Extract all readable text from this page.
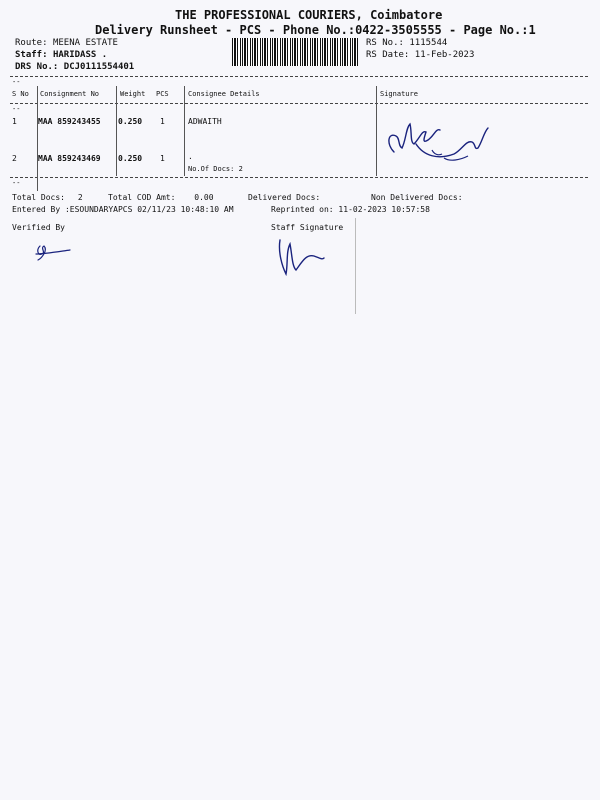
THE PROFESSIONAL COURIERS, Coimbatore
Delivery Runsheet - PCS - Phone No.:0422-3505555 - Page No.:1
Route: MEENA ESTATE
Staff: HARIDASS .
DRS No.: DCJ0111554401
RS No.: 1115544
RS Date: 11-Feb-2023
--
--
--
S No Consignment No	Weight PCS	Consignee Details	Signature
1	MAA 859243455 0.250 1	ADWAITH
2	MAA 859243469 0.250 1	.
No.Of Docs: 2
Total Docs: 2	Total COD Amt: 0.00	Delivered Docs:	Non Delivered Docs:
Entered By :ESOUNDARYAPCS 02/11/23 10:48:10 AM	Reprinted on: 11-02-2023 10:57:58
Verified By	Staff Signature
